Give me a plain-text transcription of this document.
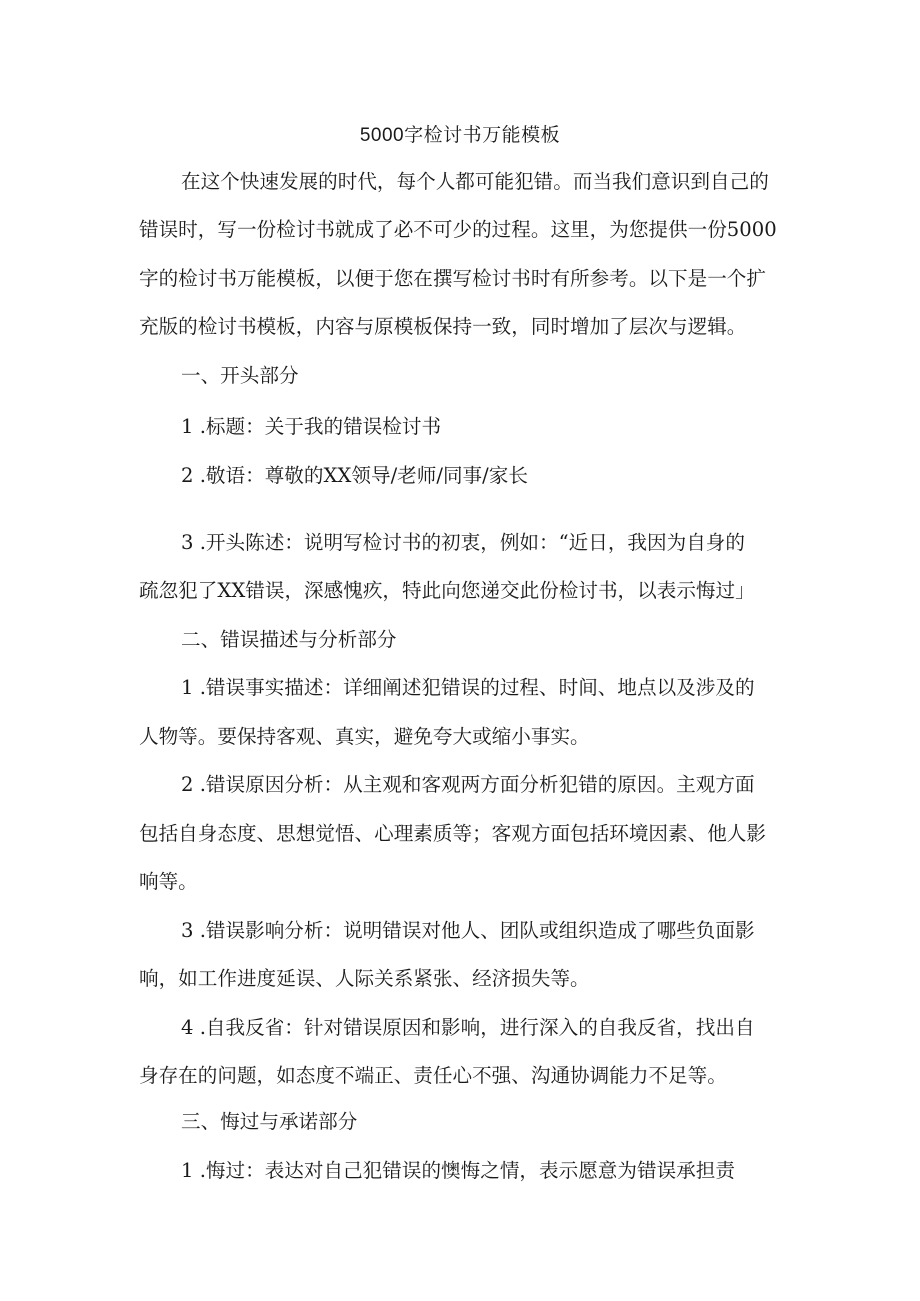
5000字检讨书万能模板
在这个快速发展的时代，每个人都可能犯错。而当我们意识到自己的
错误时，写一份检讨书就成了必不可少的过程。这里，为您提供一份5000
字的检讨书万能模板，以便于您在撰写检讨书时有所参考。以下是一个扩
充版的检讨书模板，内容与原模板保持一致，同时增加了层次与逻辑。
一、开头部分
1 .标题：关于我的错误检讨书
2 .敬语：尊敬的XX领导/老师/同事/家长
3 .开头陈述：说明写检讨书的初衷，例如：“近日，我因为自身的
疏忽犯了XX错误，深感愧疚，特此向您递交此份检讨书，以表示悔过」
二、错误描述与分析部分
1 .错误事实描述：详细阐述犯错误的过程、时间、地点以及涉及的
人物等。要保持客观、真实，避免夸大或缩小事实。
2 .错误原因分析：从主观和客观两方面分析犯错的原因。主观方面
包括自身态度、思想觉悟、心理素质等；客观方面包括环境因素、他人影
响等。
3 .错误影响分析：说明错误对他人、团队或组织造成了哪些负面影
响，如工作进度延误、人际关系紧张、经济损失等。
4 .自我反省：针对错误原因和影响，进行深入的自我反省，找出自
身存在的问题，如态度不端正、责任心不强、沟通协调能力不足等。
三、悔过与承诺部分
1 .悔过：表达对自己犯错误的懊悔之情，表示愿意为错误承担责
